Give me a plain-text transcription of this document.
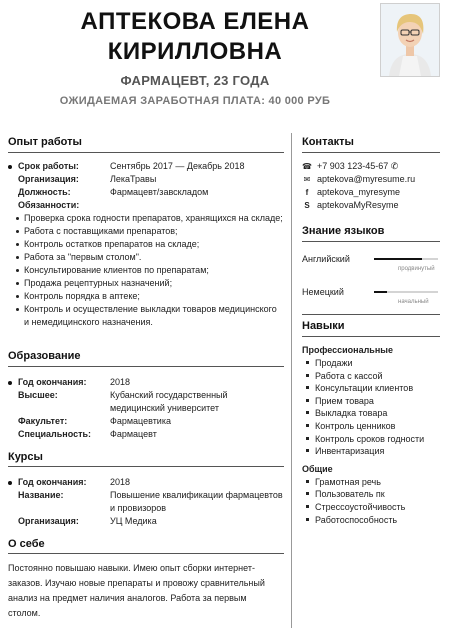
АПТЕКОВА ЕЛЕНА
КИРИЛЛОВНА
ФАРМАЦЕВТ, 23 ГОДА
ОЖИДАЕМАЯ ЗАРАБОТНАЯ ПЛАТА: 40 000 РУБ
Опыт работы
Срок работы:	Сентябрь 2017 — Декабрь 2018
Организация:	ЛекаТравы
Должность:	Фармацевт/завскладом
Обязанности:
Проверка срока годности препаратов, хранящихся на складе;
Работа с поставщиками препаратов;
Контроль остатков препаратов на складе;
Работа за "первым столом".
Консультирование клиентов по препаратам;
Продажа рецептурных назначений;
Контроль порядка в аптеке;
Контроль и осуществление выкладки товаров медицинского и немедицинского назначения.
Образование
Год окончания:	2018
Высшее:	Кубанский государственный медицинский университет
Факультет:	Фармацевтика
Специальность:	Фармацевт
Курсы
Год окончания:	2018
Название:	Повышение квалификации фармацевтов и провизоров
Организация:	УЦ Медика
О себе
Постоянно повышаю навыки. Имею опыт сборки интернет-заказов. Изучаю новые препараты и провожу сравнительный анализ на предмет наличия аналогов. Работа за первым столом.
Контакты
☎ +7 903 123-45-67 ✆
✉ aptekova@myresume.ru
f aptekova_myresyme
S aptekovaMyResyme
Знание языков
Английский
продвинутый
Немецкий
начальный
Навыки
Профессиональные
Продажи
Работа с кассой
Консультации клиентов
Прием товара
Выкладка товара
Контроль ценников
Контроль сроков годности
Инвентаризация
Общие
Грамотная речь
Пользователь пк
Стрессоустойчивость
Работоспособность
